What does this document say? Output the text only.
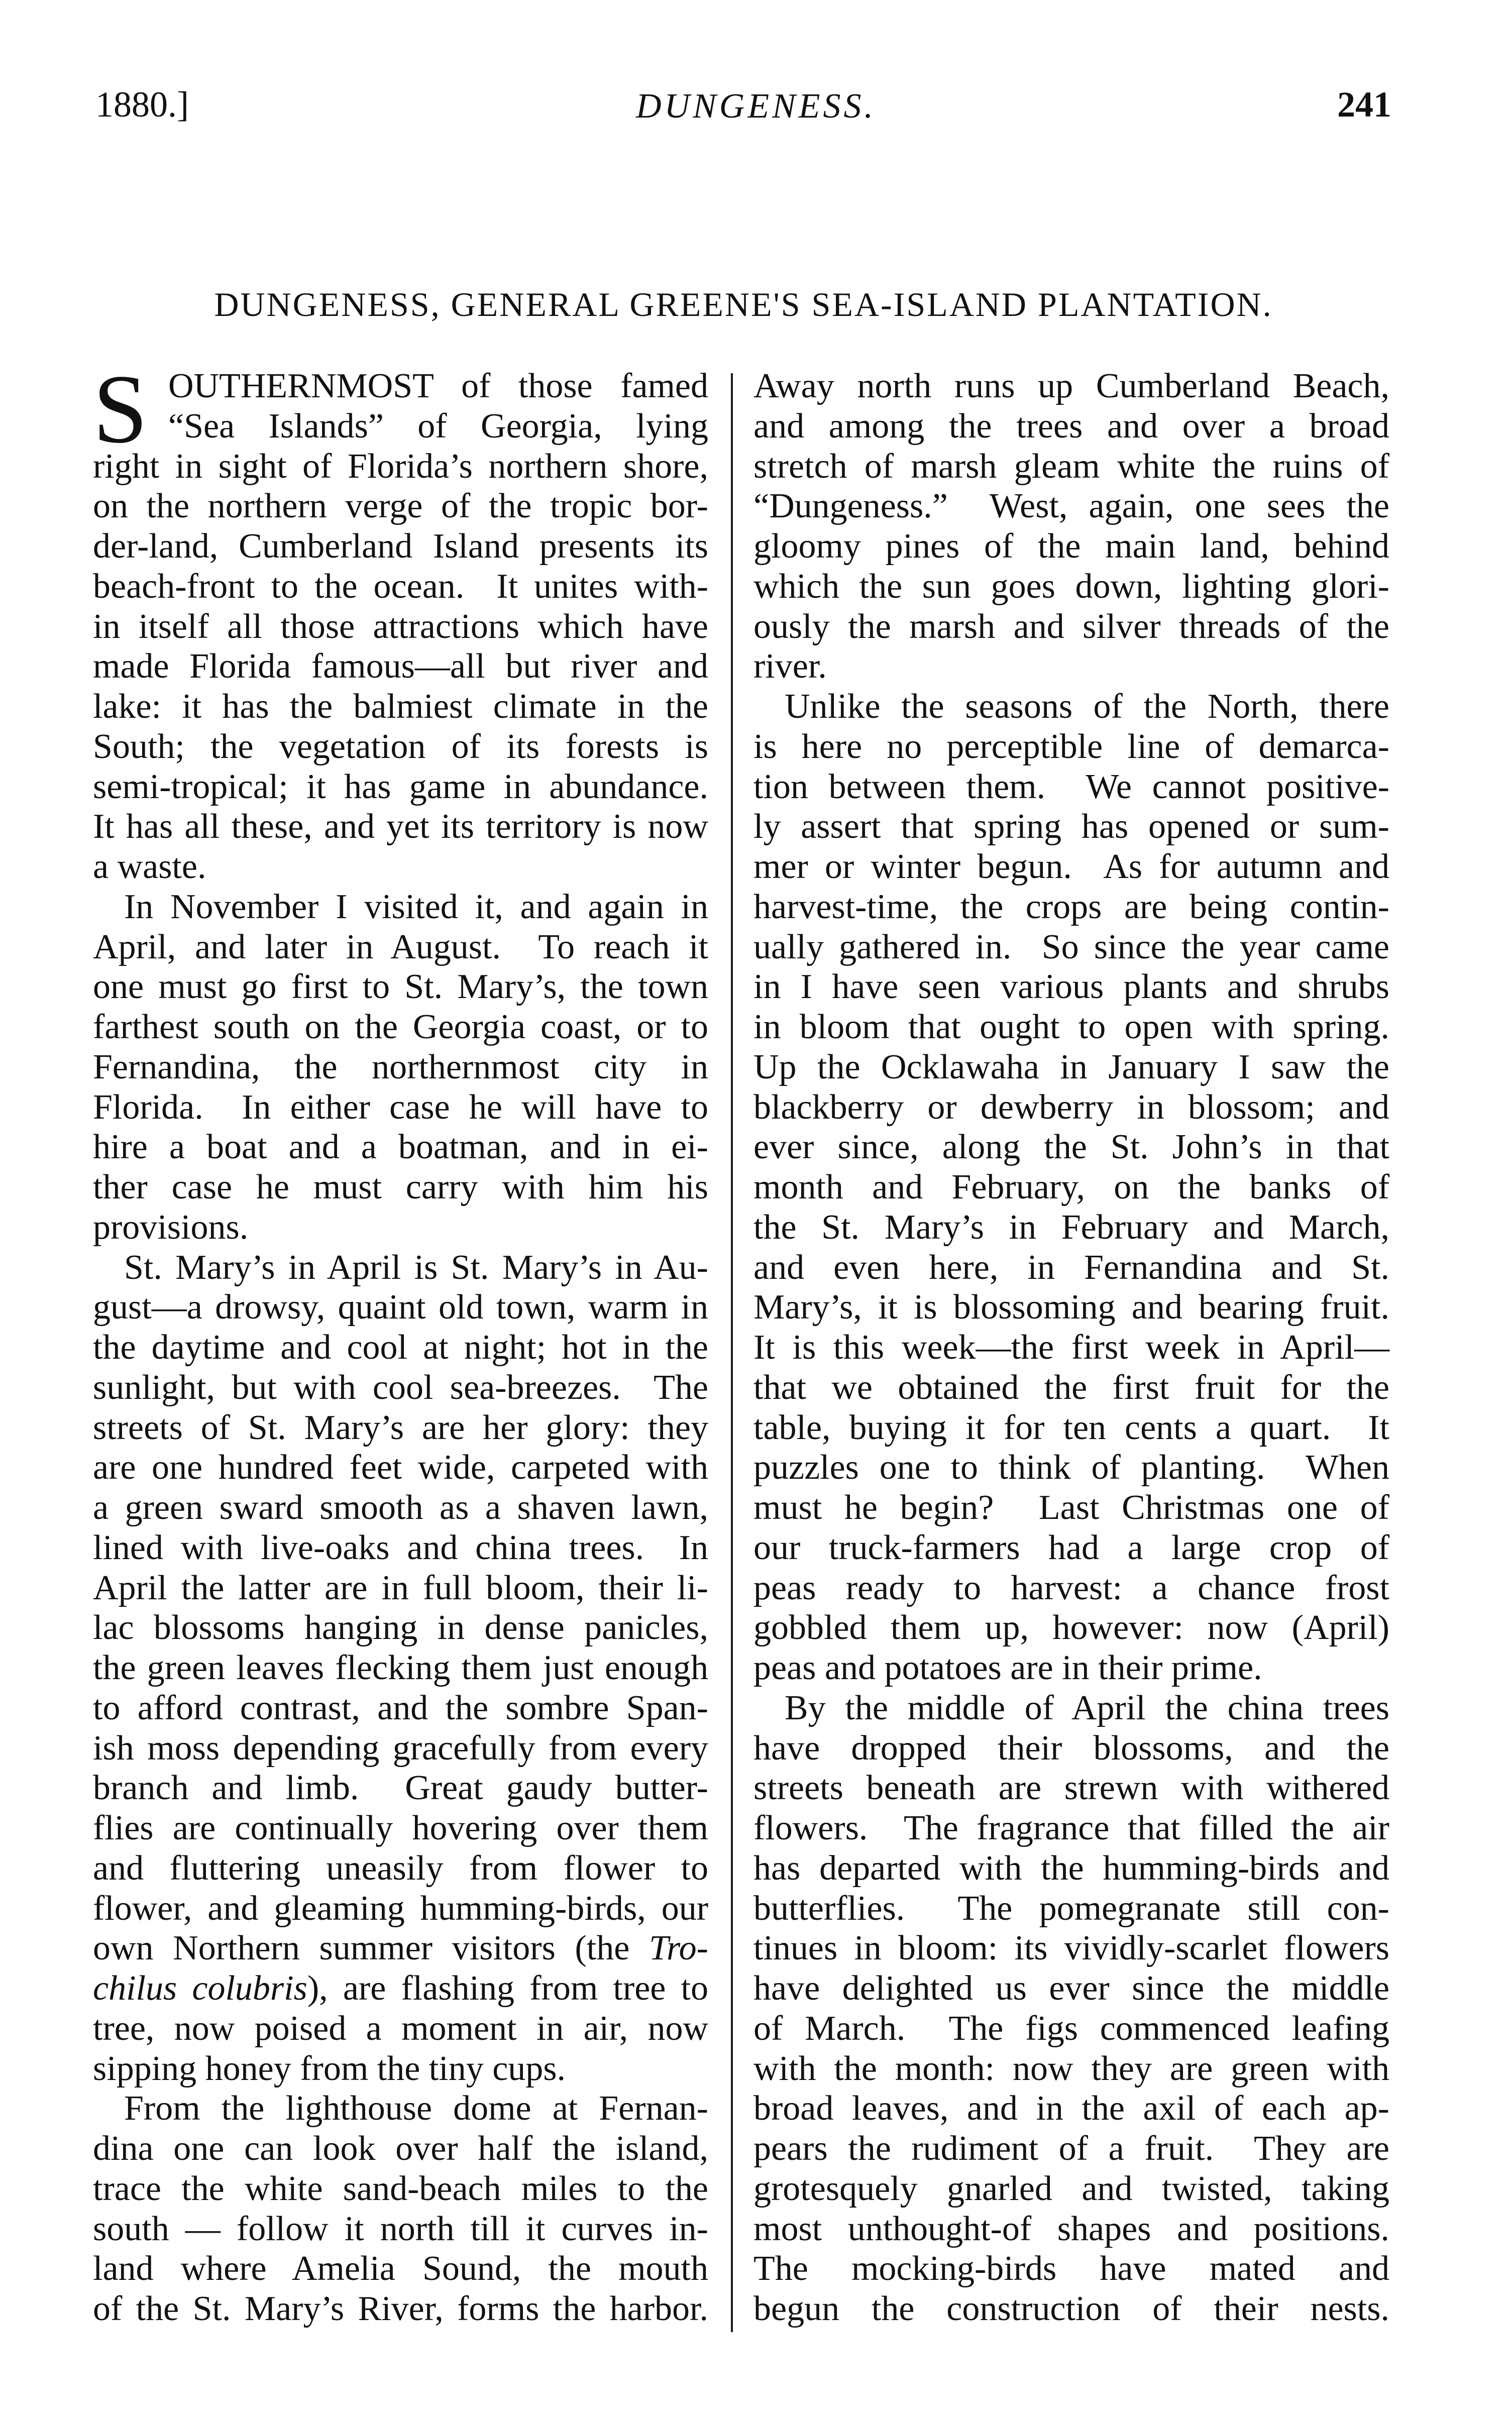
1880.]	DUNGENESS.	241
DUNGENESS, GENERAL GREENE'S SEA-ISLAND PLANTATION.
S OUTHERNMOST of those famed
“Sea Islands” of Georgia, lying
right in sight of Florida’s northern shore,
on the northern verge of the tropic bor-
der-land, Cumberland Island presents its
beach-front to the ocean.  It unites with-
in itself all those attractions which have
made Florida famous—all but river and
lake: it has the balmiest climate in the
South; the vegetation of its forests is
semi-tropical; it has game in abundance.
It has all these, and yet its territory is now
a waste.
In November I visited it, and again in
April, and later in August.  To reach it
one must go first to St. Mary’s, the town
farthest south on the Georgia coast, or to
Fernandina, the northernmost city in
Florida.  In either case he will have to
hire a boat and a boatman, and in ei-
ther case he must carry with him his
provisions.
St. Mary’s in April is St. Mary’s in Au-
gust—a drowsy, quaint old town, warm in
the daytime and cool at night; hot in the
sunlight, but with cool sea-breezes.  The
streets of St. Mary’s are her glory: they
are one hundred feet wide, carpeted with
a green sward smooth as a shaven lawn,
lined with live-oaks and china trees.  In
April the latter are in full bloom, their li-
lac blossoms hanging in dense panicles,
the green leaves flecking them just enough
to afford contrast, and the sombre Span-
ish moss depending gracefully from every
branch and limb.  Great gaudy butter-
flies are continually hovering over them
and fluttering uneasily from flower to
flower, and gleaming humming-birds, our
own Northern summer visitors (the Tro-
chilus colubris), are flashing from tree to
tree, now poised a moment in air, now
sipping honey from the tiny cups.
From the lighthouse dome at Fernan-
dina one can look over half the island,
trace the white sand-beach miles to the
south — follow it north till it curves in-
land where Amelia Sound, the mouth
of the St. Mary’s River, forms the harbor.
Away north runs up Cumberland Beach,
and among the trees and over a broad
stretch of marsh gleam white the ruins of
“Dungeness.”  West, again, one sees the
gloomy pines of the main land, behind
which the sun goes down, lighting glori-
ously the marsh and silver threads of the
river.
Unlike the seasons of the North, there
is here no perceptible line of demarca-
tion between them.  We cannot positive-
ly assert that spring has opened or sum-
mer or winter begun.  As for autumn and
harvest-time, the crops are being contin-
ually gathered in.  So since the year came
in I have seen various plants and shrubs
in bloom that ought to open with spring.
Up the Ocklawaha in January I saw the
blackberry or dewberry in blossom; and
ever since, along the St. John’s in that
month and February, on the banks of
the St. Mary’s in February and March,
and even here, in Fernandina and St.
Mary’s, it is blossoming and bearing fruit.
It is this week—the first week in April—
that we obtained the first fruit for the
table, buying it for ten cents a quart.  It
puzzles one to think of planting.  When
must he begin?  Last Christmas one of
our truck-farmers had a large crop of
peas ready to harvest: a chance frost
gobbled them up, however: now (April)
peas and potatoes are in their prime.
By the middle of April the china trees
have dropped their blossoms, and the
streets beneath are strewn with withered
flowers.  The fragrance that filled the air
has departed with the humming-birds and
butterflies.  The pomegranate still con-
tinues in bloom: its vividly-scarlet flowers
have delighted us ever since the middle
of March.  The figs commenced leafing
with the month: now they are green with
broad leaves, and in the axil of each ap-
pears the rudiment of a fruit.  They are
grotesquely gnarled and twisted, taking
most unthought-of shapes and positions.
The mocking-birds have mated and
begun the construction of their nests.
